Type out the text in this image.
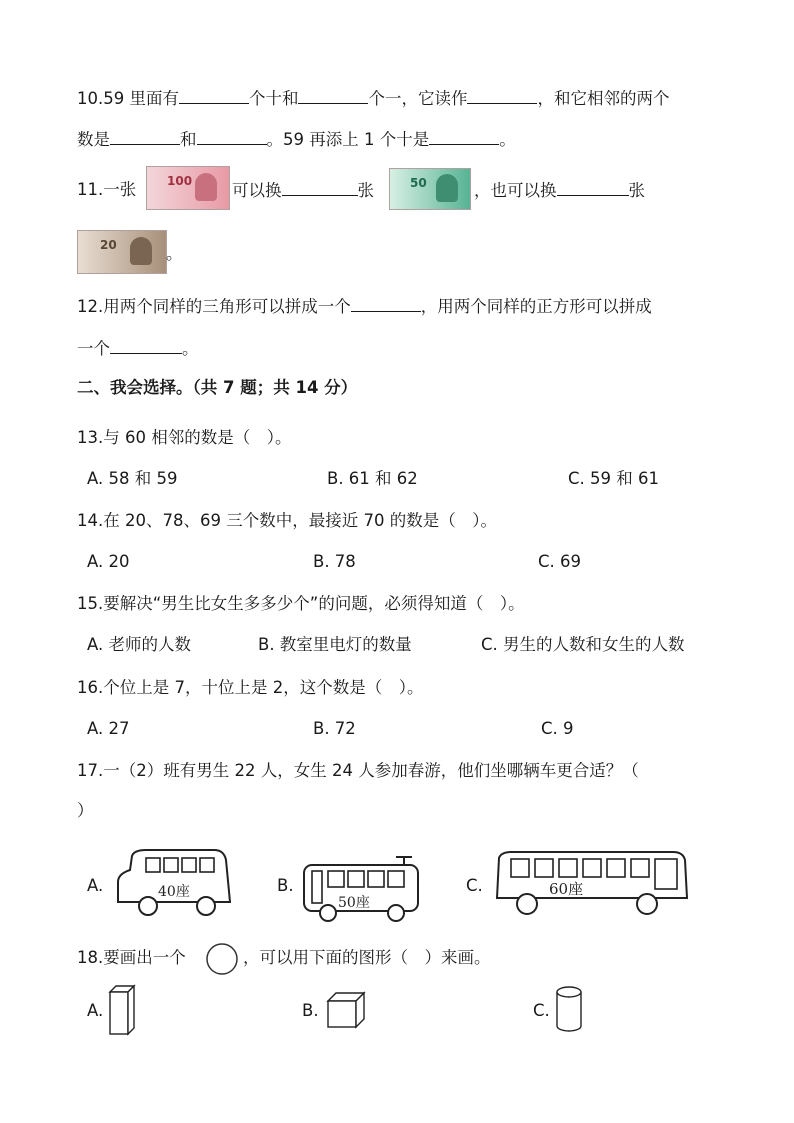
10.59 里面有	个十和	个一，它读作	，和它相邻的两个
数是	和	。59 再添上 1 个十是	。
11.一张	100 可以换	张	50	，也可以换	张
20	。
12.用两个同样的三角形可以拼成一个	，用两个同样的正方形可以拼成
一个	。
二、我会选择。（共 7 题；共 14 分）
13.与 60 相邻的数是（　）。
A. 58 和 59	B. 61 和 62	C. 59 和 61
14.在 20、78、69 三个数中，最接近 70 的数是（　）。
A. 20	B. 78	C. 69
15.要解决“男生比女生多多少个”的问题，必须得知道（　）。
A. 老师的人数	B. 教室里电灯的数量	C. 男生的人数和女生的人数
16.个位上是 7，十位上是 2，这个数是（　）。
A. 27	B. 72	C. 9
17.一（2）班有男生 22 人，女生 24 人参加春游，他们坐哪辆车更合适？（
）
A.	40座	B.
50座
C.	60座
18.要画出一个	，可以用下面的图形（　）来画。
A.	B.	C.
